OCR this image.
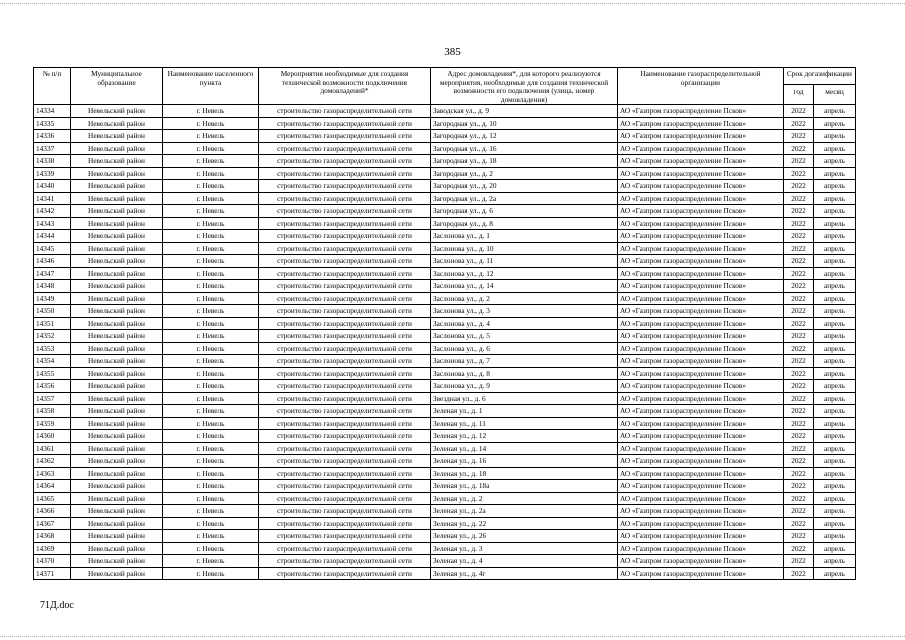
385
№ п/п	Муниципальное образование	Наименование населенного пункта	Мероприятия необходимые для создания технической возможности подключения домовладений*	Адрес домовладения*, для которого реализуются мероприятия, необходимые для создания технической возможности его подключения (улица, номер домовладения)	Наименование газораспределительной организации	Срок догазификации	
						год	месяц
14334	Невельский район	г. Невель	строительство газораспределительной сети	Заводская ул., д. 9	АО «Газпром газораспределение Псков»	2022	апрель
14335	Невельский район	г. Невель	строительство газораспределительной сети	Загородная ул., д. 10	АО «Газпром газораспределение Псков»	2022	апрель
14336	Невельский район	г. Невель	строительство газораспределительной сети	Загородная ул., д. 12	АО «Газпром газораспределение Псков»	2022	апрель
14337	Невельский район	г. Невель	строительство газораспределительной сети	Загородная ул., д. 16	АО «Газпром газораспределение Псков»	2022	апрель
14338	Невельский район	г. Невель	строительство газораспределительной сети	Загородная ул., д. 18	АО «Газпром газораспределение Псков»	2022	апрель
14339	Невельский район	г. Невель	строительство газораспределительной сети	Загородная ул., д. 2	АО «Газпром газораспределение Псков»	2022	апрель
14340	Невельский район	г. Невель	строительство газораспределительной сети	Загородная ул., д. 20	АО «Газпром газораспределение Псков»	2022	апрель
14341	Невельский район	г. Невель	строительство газораспределительной сети	Загородная ул., д. 2а	АО «Газпром газораспределение Псков»	2022	апрель
14342	Невельский район	г. Невель	строительство газораспределительной сети	Загородная ул., д. 6	АО «Газпром газораспределение Псков»	2022	апрель
14343	Невельский район	г. Невель	строительство газораспределительной сети	Загородная ул., д. 8	АО «Газпром газораспределение Псков»	2022	апрель
14344	Невельский район	г. Невель	строительство газораспределительной сети	Заслонова ул., д. 1	АО «Газпром газораспределение Псков»	2022	апрель
14345	Невельский район	г. Невель	строительство газораспределительной сети	Заслонова ул., д. 10	АО «Газпром газораспределение Псков»	2022	апрель
14346	Невельский район	г. Невель	строительство газораспределительной сети	Заслонова ул., д. 11	АО «Газпром газораспределение Псков»	2022	апрель
14347	Невельский район	г. Невель	строительство газораспределительной сети	Заслонова ул., д. 12	АО «Газпром газораспределение Псков»	2022	апрель
14348	Невельский район	г. Невель	строительство газораспределительной сети	Заслонова ул., д. 14	АО «Газпром газораспределение Псков»	2022	апрель
14349	Невельский район	г. Невель	строительство газораспределительной сети	Заслонова ул., д. 2	АО «Газпром газораспределение Псков»	2022	апрель
14350	Невельский район	г. Невель	строительство газораспределительной сети	Заслонова ул., д. 3	АО «Газпром газораспределение Псков»	2022	апрель
14351	Невельский район	г. Невель	строительство газораспределительной сети	Заслонова ул., д. 4	АО «Газпром газораспределение Псков»	2022	апрель
14352	Невельский район	г. Невель	строительство газораспределительной сети	Заслонова ул., д. 5	АО «Газпром газораспределение Псков»	2022	апрель
14353	Невельский район	г. Невель	строительство газораспределительной сети	Заслонова ул., д. 6	АО «Газпром газораспределение Псков»	2022	апрель
14354	Невельский район	г. Невель	строительство газораспределительной сети	Заслонова ул., д. 7	АО «Газпром газораспределение Псков»	2022	апрель
14355	Невельский район	г. Невель	строительство газораспределительной сети	Заслонова ул., д. 8	АО «Газпром газораспределение Псков»	2022	апрель
14356	Невельский район	г. Невель	строительство газораспределительной сети	Заслонова ул., д. 9	АО «Газпром газораспределение Псков»	2022	апрель
14357	Невельский район	г. Невель	строительство газораспределительной сети	Звездная ул., д. 6	АО «Газпром газораспределение Псков»	2022	апрель
14358	Невельский район	г. Невель	строительство газораспределительной сети	Зеленая ул., д. 1	АО «Газпром газораспределение Псков»	2022	апрель
14359	Невельский район	г. Невель	строительство газораспределительной сети	Зеленая ул., д. 11	АО «Газпром газораспределение Псков»	2022	апрель
14360	Невельский район	г. Невель	строительство газораспределительной сети	Зеленая ул., д. 12	АО «Газпром газораспределение Псков»	2022	апрель
14361	Невельский район	г. Невель	строительство газораспределительной сети	Зеленая ул., д. 14	АО «Газпром газораспределение Псков»	2022	апрель
14362	Невельский район	г. Невель	строительство газораспределительной сети	Зеленая ул., д. 16	АО «Газпром газораспределение Псков»	2022	апрель
14363	Невельский район	г. Невель	строительство газораспределительной сети	Зеленая ул., д. 18	АО «Газпром газораспределение Псков»	2022	апрель
14364	Невельский район	г. Невель	строительство газораспределительной сети	Зеленая ул., д. 18а	АО «Газпром газораспределение Псков»	2022	апрель
14365	Невельский район	г. Невель	строительство газораспределительной сети	Зеленая ул., д. 2	АО «Газпром газораспределение Псков»	2022	апрель
14366	Невельский район	г. Невель	строительство газораспределительной сети	Зеленая ул., д. 2а	АО «Газпром газораспределение Псков»	2022	апрель
14367	Невельский район	г. Невель	строительство газораспределительной сети	Зеленая ул., д. 22	АО «Газпром газораспределение Псков»	2022	апрель
14368	Невельский район	г. Невель	строительство газораспределительной сети	Зеленая ул., д. 26	АО «Газпром газораспределение Псков»	2022	апрель
14369	Невельский район	г. Невель	строительство газораспределительной сети	Зеленая ул., д. 3	АО «Газпром газораспределение Псков»	2022	апрель
14370	Невельский район	г. Невель	строительство газораспределительной сети	Зеленая ул., д. 4	АО «Газпром газораспределение Псков»	2022	апрель
14371	Невельский район	г. Невель	строительство газораспределительной сети	Зеленая ул., д. 4г	АО «Газпром газораспределение Псков»	2022	апрель
71Д.doc
